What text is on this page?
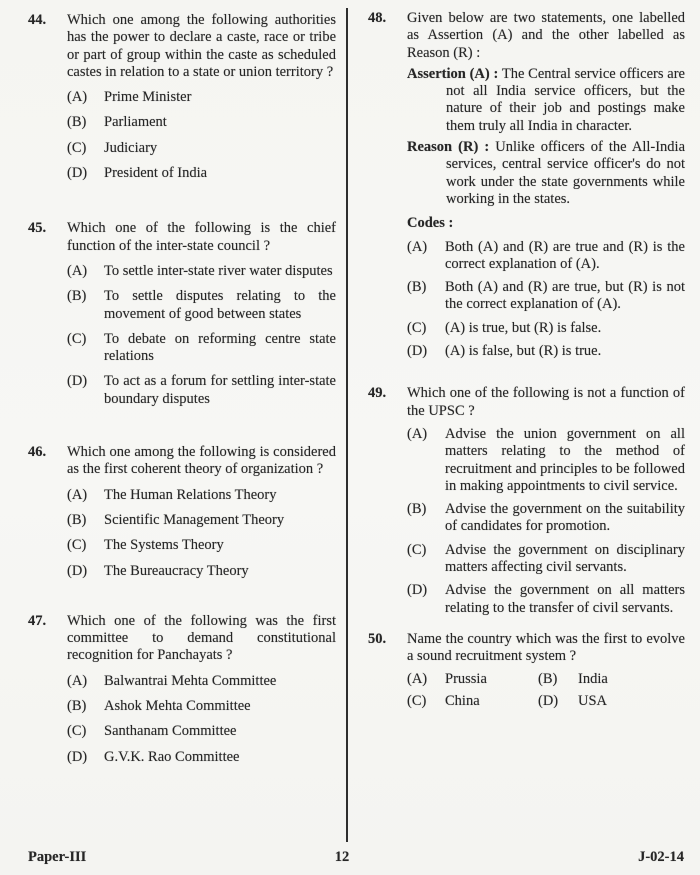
44.	Which one among the following authorities has the power to declare a caste, race or tribe or part of group within the caste as scheduled castes in relation to a state or union territory ?
(A)	Prime Minister
(B)	Parliament
(C)	Judiciary
(D)	President of India
45.	Which one of the following is the chief function of the inter-state council ?
(A)	To settle inter-state river water disputes
(B)	To settle disputes relating to the movement of good between states
(C)	To debate on reforming centre state relations
(D)	To act as a forum for settling inter-state boundary disputes
46.	Which one among the following is considered as the first coherent theory of organization ?
(A)	The Human Relations Theory
(B)	Scientific Management Theory
(C)	The Systems Theory
(D)	The Bureaucracy Theory
47.	Which one of the following was the first committee to demand constitutional recognition for Panchayats ?
(A)	Balwantrai Mehta Committee
(B)	Ashok Mehta Committee
(C)	Santhanam Committee
(D)	G.V.K. Rao Committee
48.	Given below are two statements, one labelled as Assertion (A) and the other labelled as Reason (R) :
Assertion (A) : The Central service officers are not all India service officers, but the nature of their job and postings make them truly all India in character.
Reason (R) : Unlike officers of the All-India services, central service officer's do not work under the state governments while working in the states.
Codes :
(A)	Both (A) and (R) are true and (R) is the correct explanation of (A).
(B)	Both (A) and (R) are true, but (R) is not the correct explanation of (A).
(C)	(A) is true, but (R) is false.
(D)	(A) is false, but (R) is true.
49.	Which one of the following is not a function of the UPSC ?
(A)	Advise the union government on all matters relating to the method of recruitment and principles to be followed in making appointments to civil service.
(B)	Advise the government on the suitability of candidates for promotion.
(C)	Advise the government on disciplinary matters affecting civil servants.
(D)	Advise the government on all matters relating to the transfer of civil servants.
50.	Name the country which was the first to evolve a sound recruitment system ?
(A)	Prussia	(B)	India
(C)	China	(D)	USA
Paper-III	12	J-02-14
